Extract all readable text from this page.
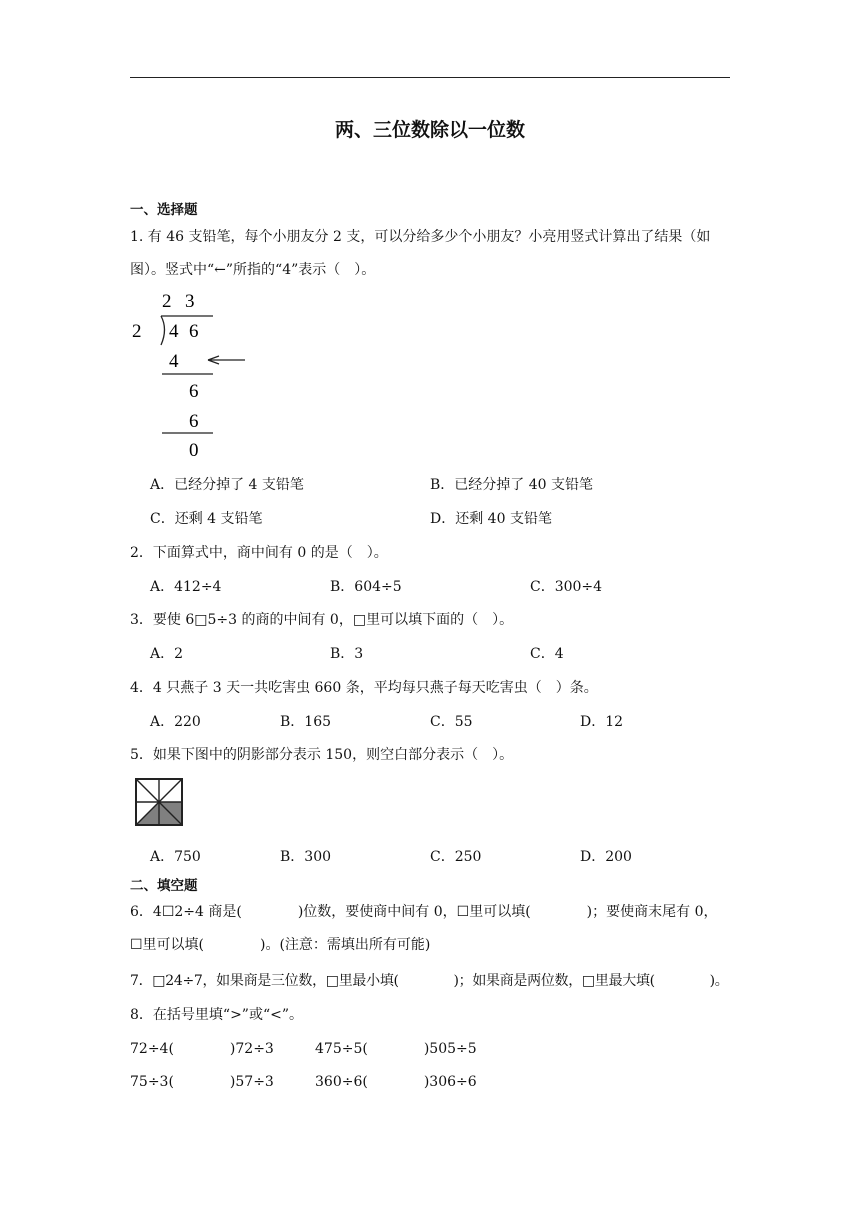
两、三位数除以一位数
一、选择题
1. 有 46 支铅笔，每个小朋友分 2 支，可以分给多少个小朋友？小亮用竖式计算出了结果（如
图）。竖式中“←”所指的“4”表示（　）。
2 3
2 4 6
4
6
6
0
A．已经分掉了 4 支铅笔	B．已经分掉了 40 支铅笔
C．还剩 4 支铅笔	D．还剩 40 支铅笔
2．下面算式中，商中间有 0 的是（　）。
A．412÷4	B．604÷5	C．300÷4
3．要使 6□5÷3 的商的中间有 0，□里可以填下面的（　）。
A．2	B．3	C．4
4．4 只燕子 3 天一共吃害虫 660 条，平均每只燕子每天吃害虫（　）条。
A．220	B．165	C．55	D．12
5．如果下图中的阴影部分表示 150，则空白部分表示（　）。
A．750	B．300	C．250	D．200
二、填空题
6．4☐2÷4 商是(　　　　)位数，要使商中间有 0，☐里可以填(　　　　)；要使商末尾有 0，
☐里可以填(　　　　)。(注意：需填出所有可能)
7．□24÷7，如果商是三位数，□里最小填(　　　　)；如果商是两位数，□里最大填(　　　　)。
8．在括号里填“>”或“<”。
72÷4(　　　　)72÷3	475÷5(　　　　)505÷5
75÷3(　　　　)57÷3	360÷6(　　　　)306÷6
